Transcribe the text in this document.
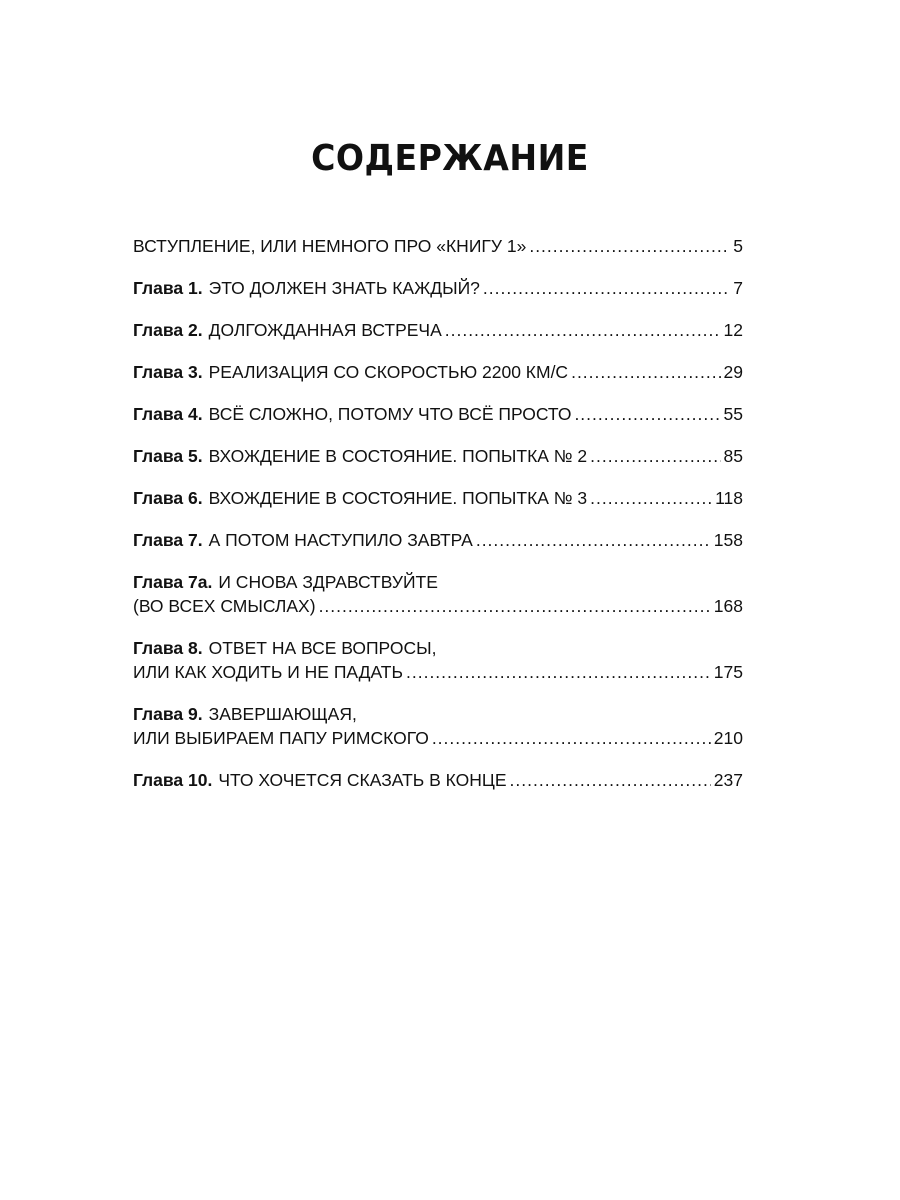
СОДЕРЖАНИЕ
ВСТУПЛЕНИЕ, ИЛИ НЕМНОГО ПРО «КНИГУ 1» .....	5
Глава 1. ЭТО ДОЛЖЕН ЗНАТЬ КАЖДЫЙ? .....	7
Глава 2. ДОЛГОЖДАННАЯ ВСТРЕЧА .....	12
Глава 3. РЕАЛИЗАЦИЯ СО СКОРОСТЬЮ 2200 КМ/С .....	29
Глава 4. ВСЁ СЛОЖНО, ПОТОМУ ЧТО ВСЁ ПРОСТО .....	55
Глава 5. ВХОЖДЕНИЕ В СОСТОЯНИЕ. ПОПЫТКА № 2 .....	85
Глава 6. ВХОЖДЕНИЕ В СОСТОЯНИЕ. ПОПЫТКА № 3 .....	118
Глава 7. А ПОТОМ НАСТУПИЛО ЗАВТРА .....	158
Глава 7а. И СНОВА ЗДРАВСТВУЙТЕ
(ВО ВСЕХ СМЫСЛАХ) .....	168
Глава 8. ОТВЕТ НА ВСЕ ВОПРОСЫ,
ИЛИ КАК ХОДИТЬ И НЕ ПАДАТЬ .....	175
Глава 9. ЗАВЕРШАЮЩАЯ,
ИЛИ ВЫБИРАЕМ ПАПУ РИМСКОГО .....	210
Глава 10. ЧТО ХОЧЕТСЯ СКАЗАТЬ В КОНЦЕ .....	237
